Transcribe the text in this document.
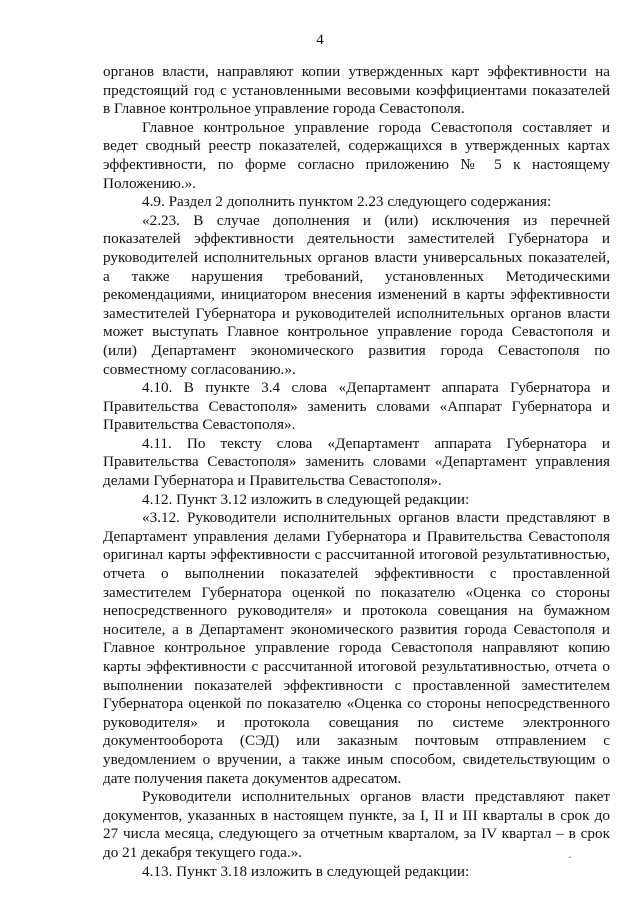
4

органов власти, направляют копии утвержденных карт эффективности на предстоящий год с установленными весовыми коэффициентами показателей в Главное контрольное управление города Севастополя.

Главное контрольное управление города Севастополя составляет и ведет сводный реестр показателей, содержащихся в утвержденных картах эффективности, по форме согласно приложению № 5 к настоящему Положению.».

4.9. Раздел 2 дополнить пунктом 2.23 следующего содержания:

«2.23. В случае дополнения и (или) исключения из перечней показателей эффективности деятельности заместителей Губернатора и руководителей исполнительных органов власти универсальных показателей, а также нарушения требований, установленных Методическими рекомендациями, инициатором внесения изменений в карты эффективности заместителей Губернатора и руководителей исполнительных органов власти может выступать Главное контрольное управление города Севастополя и (или) Департамент экономического развития города Севастополя по совместному согласованию.».

4.10. В пункте 3.4 слова «Департамент аппарата Губернатора и Правительства Севастополя» заменить словами «Аппарат Губернатора и Правительства Севастополя».

4.11. По тексту слова «Департамент аппарата Губернатора и Правительства Севастополя» заменить словами «Департамент управления делами Губернатора и Правительства Севастополя».

4.12. Пункт 3.12 изложить в следующей редакции:

«3.12. Руководители исполнительных органов власти представляют в Департамент управления делами Губернатора и Правительства Севастополя оригинал карты эффективности с рассчитанной итоговой результативностью, отчета о выполнении показателей эффективности с проставленной заместителем Губернатора оценкой по показателю «Оценка со стороны непосредственного руководителя» и протокола совещания на бумажном носителе, а в Департамент экономического развития города Севастополя и Главное контрольное управление города Севастополя направляют копию карты эффективности с рассчитанной итоговой результативностью, отчета о выполнении показателей эффективности с проставленной заместителем Губернатора оценкой по показателю «Оценка со стороны непосредственного руководителя» и протокола совещания по системе электронного документооборота (СЭД) или заказным почтовым отправлением с уведомлением о вручении, а также иным способом, свидетельствующим о дате получения пакета документов адресатом.

Руководители исполнительных органов власти представляют пакет документов, указанных в настоящем пункте, за I, II и III кварталы в срок до 27 числа месяца, следующего за отчетным кварталом, за IV квартал – в срок до 21 декабря текущего года.».

4.13. Пункт 3.18 изложить в следующей редакции:

·
